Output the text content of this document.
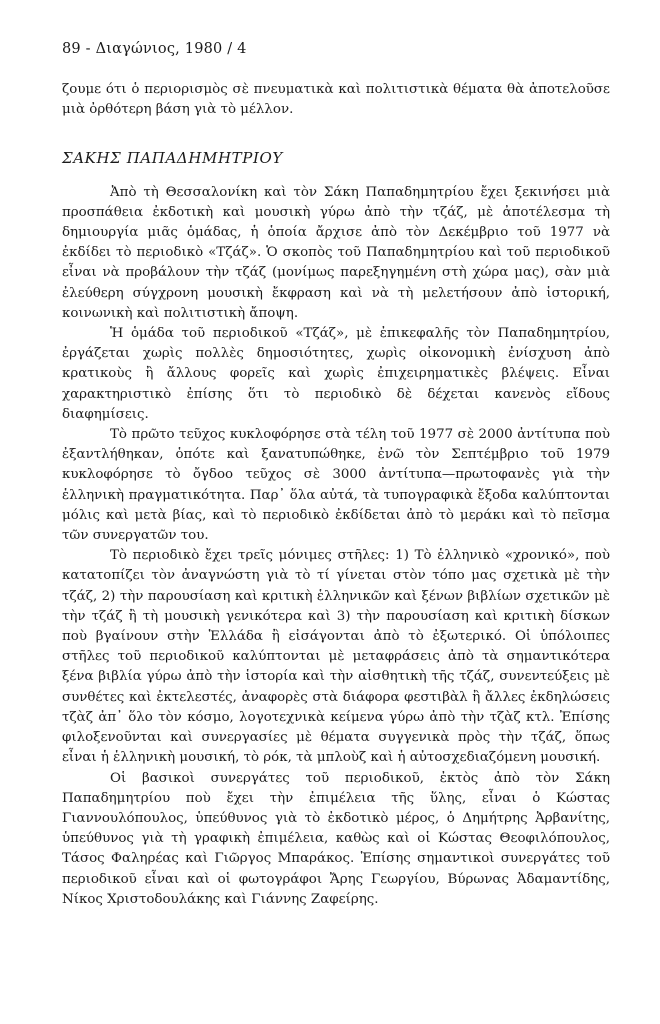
89 - Διαγώνιος, 1980 / 4

ζουμε ότι ὁ περιορισμὸς σὲ πνευματικὰ καὶ πολιτιστικὰ θέματα θὰ ἀποτελοῦσε μιὰ ὀρθότερη βάση γιὰ τὸ μέλλον.

ΣΑΚΗΣ ΠΑΠΑΔΗΜΗΤΡΙΟΥ

Ἀπὸ τὴ Θεσσαλονίκη καὶ τὸν Σάκη Παπαδημητρίου ἔχει ξεκινήσει μιὰ προσπάθεια ἐκδοτικὴ καὶ μουσικὴ γύρω ἀπὸ τὴν τζάζ, μὲ ἀποτέλεσμα τὴ δημιουργία μιᾶς ὁμάδας, ἡ ὁποία ἄρχισε ἀπὸ τὸν Δεκέμβριο τοῦ 1977 νὰ ἐκδίδει τὸ περιοδικὸ «Τζάζ». Ὁ σκοπὸς τοῦ Παπαδημητρίου καὶ τοῦ περιοδικοῦ εἶναι νὰ προβάλουν τὴν τζάζ (μονίμως παρεξηγημένη στὴ χώρα μας), σὰν μιὰ ἐλεύθερη σύγχρονη μουσικὴ ἔκφραση καὶ νὰ τὴ μελετήσουν ἀπὸ ἱστορική, κοινωνικὴ καὶ πολιτιστικὴ ἄποψη.

Ἡ ὁμάδα τοῦ περιοδικοῦ «Τζάζ», μὲ ἐπικεφαλῆς τὸν Παπαδημητρίου, ἐργάζεται χωρὶς πολλὲς δημοσιότητες, χωρὶς οἰκονομικὴ ἐνίσχυση ἀπὸ κρατικοὺς ἢ ἄλλους φορεῖς καὶ χωρὶς ἐπιχειρηματικὲς βλέψεις. Εἶναι χαρακτηριστικὸ ἐπίσης ὅτι τὸ περιοδικὸ δὲ δέχεται κανενὸς εἴδους διαφημίσεις.

Τὸ πρῶτο τεῦχος κυκλοφόρησε στὰ τέλη τοῦ 1977 σὲ 2000 ἀντίτυπα ποὺ ἐξαντλήθηκαν, ὁπότε καὶ ξανατυπώθηκε, ἐνῶ τὸν Σεπτέμβριο τοῦ 1979 κυκλοφόρησε τὸ ὄγδοο τεῦχος σὲ 3000 ἀντίτυπα—πρωτοφανὲς γιὰ τὴν ἑλληνικὴ πραγματικότητα. Παρ᾿ ὅλα αὐτά, τὰ τυπογραφικὰ ἔξοδα καλύπτονται μόλις καὶ μετὰ βίας, καὶ τὸ περιοδικὸ ἐκδίδεται ἀπὸ τὸ μεράκι καὶ τὸ πεῖσμα τῶν συνεργατῶν του.

Τὸ περιοδικὸ ἔχει τρεῖς μόνιμες στῆλες: 1) Τὸ ἑλληνικὸ «χρονικό», ποὺ κατατοπίζει τὸν ἀναγνώστη γιὰ τὸ τί γίνεται στὸν τόπο μας σχετικὰ μὲ τὴν τζάζ, 2) τὴν παρουσίαση καὶ κριτικὴ ἑλληνικῶν καὶ ξένων βιβλίων σχετικῶν μὲ τὴν τζάζ ἢ τὴ μουσικὴ γενικότερα καὶ 3) τὴν παρουσίαση καὶ κριτικὴ δίσκων ποὺ βγαίνουν στὴν Ἑλλάδα ἢ εἰσάγονται ἀπὸ τὸ ἐξωτερικό. Οἱ ὑπόλοιπες στῆλες τοῦ περιοδικοῦ καλύπτονται μὲ μεταφράσεις ἀπὸ τὰ σημαντικότερα ξένα βιβλία γύρω ἀπὸ τὴν ἱστορία καὶ τὴν αἰσθητικὴ τῆς τζάζ, συνεντεύξεις μὲ συνθέτες καὶ ἐκτελεστές, ἀναφορὲς στὰ διάφορα φεστιβὰλ ἢ ἄλλες ἐκδηλώσεις τζὰζ ἀπ᾿ ὅλο τὸν κόσμο, λογοτεχνικὰ κείμενα γύρω ἀπὸ τὴν τζὰζ κτλ. Ἐπίσης φιλοξενοῦνται καὶ συνεργασίες μὲ θέματα συγγενικὰ πρὸς τὴν τζάζ, ὅπως εἶναι ἡ ἑλληνικὴ μουσική, τὸ ρόκ, τὰ μπλοὺζ καὶ ἡ αὐτοσχεδιαζόμενη μουσική.

Οἱ βασικοὶ συνεργάτες τοῦ περιοδικοῦ, ἐκτὸς ἀπὸ τὸν Σάκη Παπαδημητρίου ποὺ ἔχει τὴν ἐπιμέλεια τῆς ὕλης, εἶναι ὁ Κώστας Γιαννουλόπουλος, ὑπεύθυνος γιὰ τὸ ἐκδοτικὸ μέρος, ὁ Δημήτρης Ἀρβανίτης, ὑπεύθυνος γιὰ τὴ γραφικὴ ἐπιμέλεια, καθὼς καὶ οἱ Κώστας Θεοφιλόπουλος, Τάσος Φαληρέας καὶ Γιῶργος Μπαράκος. Ἐπίσης σημαντικοὶ συνεργάτες τοῦ περιοδικοῦ εἶναι καὶ οἱ φωτογράφοι Ἄρης Γεωργίου, Βύρωνας Ἀδαμαντίδης, Νίκος Χριστοδουλάκης καὶ Γιάννης Ζαφείρης.
